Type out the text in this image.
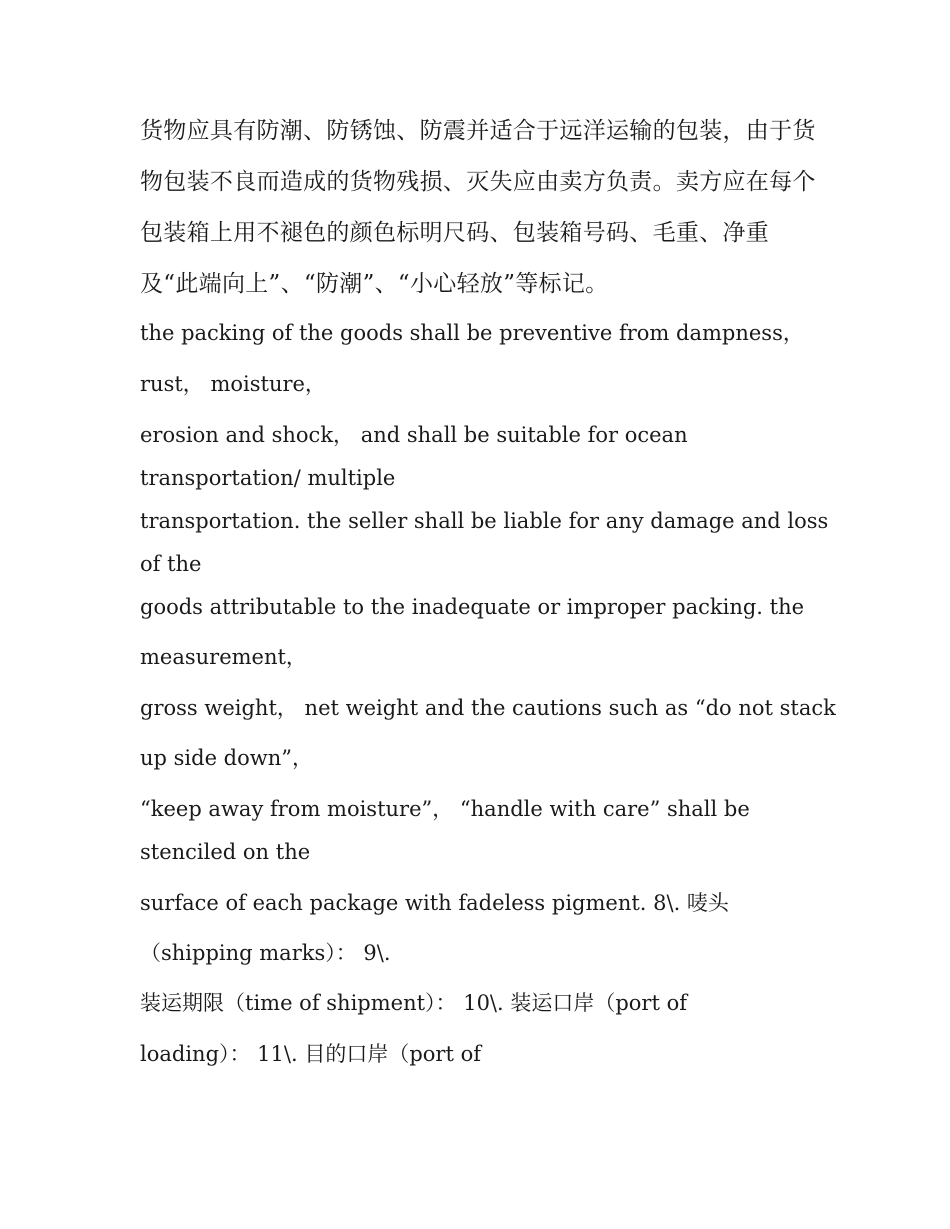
货物应具有防潮、防锈蚀、防震并适合于远洋运输的包装，由于货物包装不良而造成的货物残损、灭失应由卖方负责。卖方应在每个包装箱上用不褪色的颜色标明尺码、包装箱号码、毛重、净重及“此端向上”、“防潮”、“小心轻放”等标记。

the packing of the goods shall be preventive from dampness，

rust， moisture，

erosion and shock， and shall be suitable for ocean

transportation/ multiple

transportation. the seller shall be liable for any damage and loss

of the

goods attributable to the inadequate or improper packing. the

measurement，

gross weight， net weight and the cautions such as “do not stack

up side down”，

“keep away from moisture”， “handle with care” shall be

stenciled on the

surface of each package with fadeless pigment. 8\. 唛头

（shipping marks）： 9\.

装运期限（time of shipment）： 10\. 装运口岸（port of

loading）： 11\. 目的口岸（port of
